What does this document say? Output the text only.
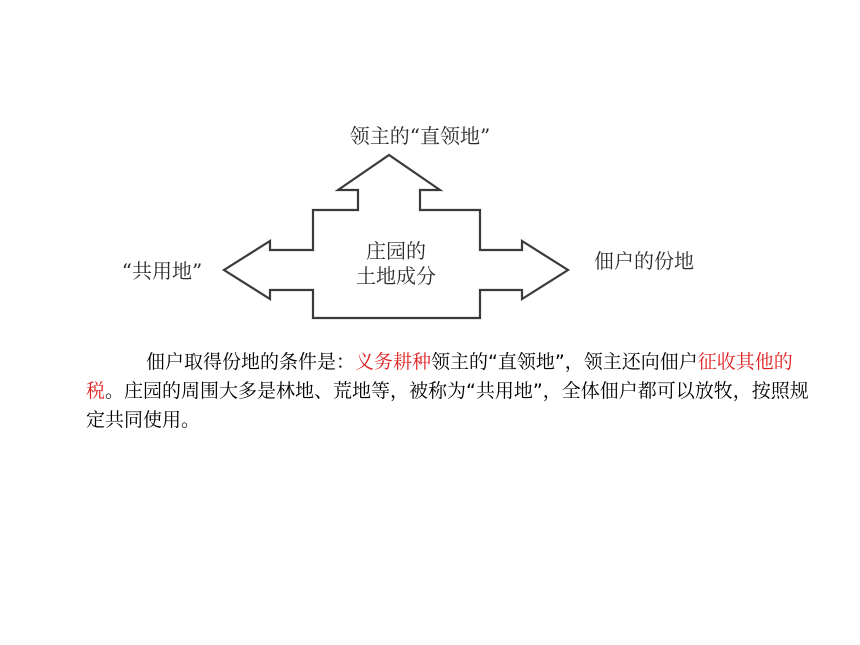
庄园的
土地成分
领主的“直领地”
“共用地”	佃户的份地

佃户取得份地的条件是：义务耕种领主的“直领地”，领主还向佃户征收其他的税。庄园的周围大多是林地、荒地等，被称为“共用地”，全体佃户都可以放牧，按照规定共同使用。
